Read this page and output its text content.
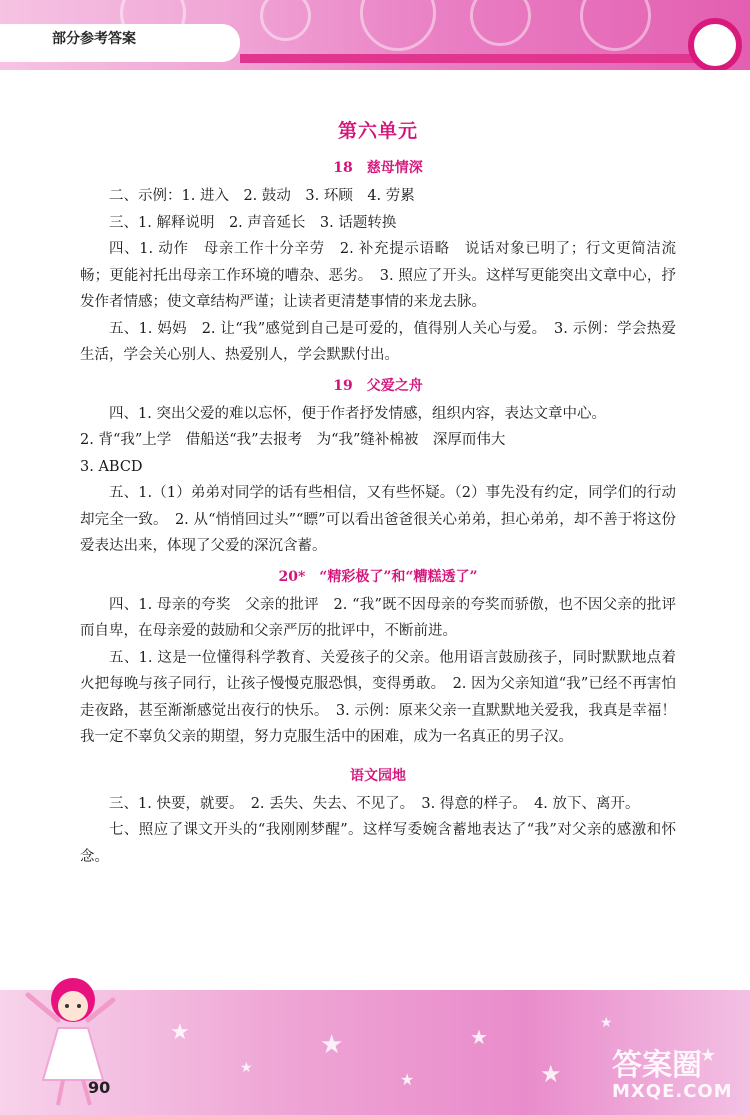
部分参考答案
第六单元
18　慈母情深

二、示例：1. 进入　2. 鼓动　3. 环顾　4. 劳累

三、1. 解释说明　2. 声音延长　3. 话题转换

四、1. 动作　母亲工作十分辛劳　2. 补充提示语略　说话对象已明了；行文更简洁流畅；更能衬托出母亲工作环境的嘈杂、恶劣。　3. 照应了开头。这样写更能突出文章中心，抒发作者情感；使文章结构严谨；让读者更清楚事情的来龙去脉。

五、1. 妈妈　2. 让“我”感觉到自己是可爱的，值得别人关心与爱。　3. 示例：学会热爱生活，学会关心别人、热爱别人，学会默默付出。

19　父爱之舟

四、1. 突出父爱的难以忘怀，便于作者抒发情感，组织内容，表达文章中心。

2. 背“我”上学　借船送“我”去报考　为“我”缝补棉被　深厚而伟大

3. ABCD

五、1.（1）弟弟对同学的话有些相信，又有些怀疑。（2）事先没有约定，同学们的行动却完全一致。　2. 从“悄悄回过头”“瞟”可以看出爸爸很关心弟弟，担心弟弟，却不善于将这份爱表达出来，体现了父爱的深沉含蓄。

20*　“精彩极了”和“糟糕透了”

四、1. 母亲的夸奖　父亲的批评　2. “我”既不因母亲的夸奖而骄傲，也不因父亲的批评而自卑，在母亲爱的鼓励和父亲严厉的批评中，不断前进。

五、1. 这是一位懂得科学教育、关爱孩子的父亲。他用语言鼓励孩子，同时默默地点着火把每晚与孩子同行，让孩子慢慢克服恐惧，变得勇敢。　2. 因为父亲知道“我”已经不再害怕走夜路，甚至渐渐感觉出夜行的快乐。　3. 示例：原来父亲一直默默地关爱我，我真是幸福！我一定不辜负父亲的期望，努力克服生活中的困难，成为一名真正的男子汉。

语文园地

三、1. 快要，就要。　2. 丢失、失去、不见了。　3. 得意的样子。　4. 放下、离开。

七、照应了课文开头的“我刚刚梦醒”。这样写委婉含蓄地表达了“我”对父亲的感激和怀念。

★
★
★
★
★
★
★
★
90
答案圈
MXQE.COM
